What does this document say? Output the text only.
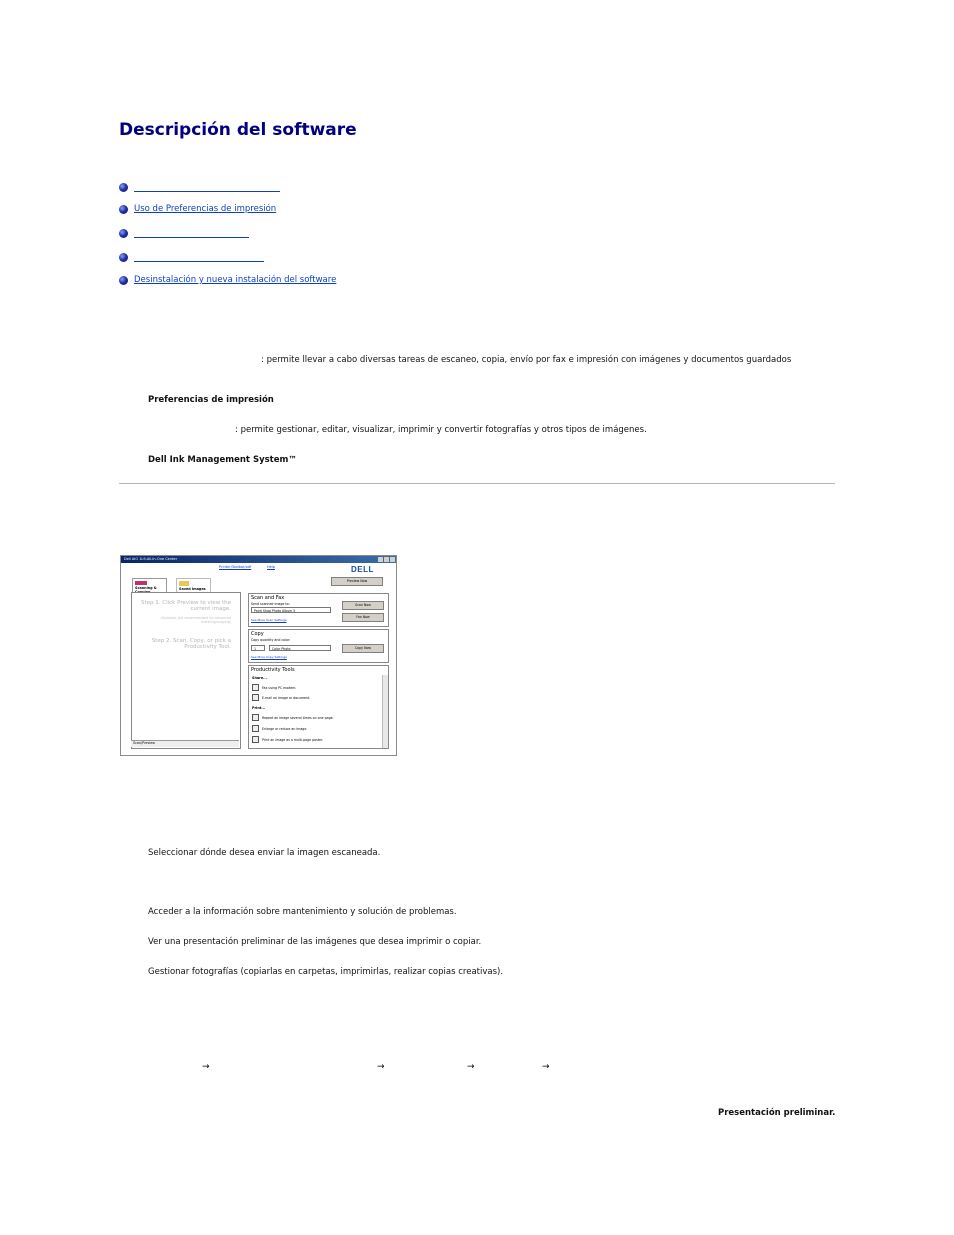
Descripción del software
Uso de Preferencias de impresión
Desinstalación y nueva instalación del software
: permite llevar a cabo diversas tareas de escaneo, copia, envío por fax e impresión con imágenes y documentos guardados
Preferencias de impresión
: permite gestionar, editar, visualizar, imprimir y convertir fotografías y otros tipos de imágenes.
Dell Ink Management System™
Dell AIO 1L9-All-In-One Center
Printer/Toolbar/odf	Help	DELL
Preview Now
Scanning &	Saved Images
Step 1. Click Preview to view the current image.
(Optional, but recommended for advanced scanning/copying)
Step 2. Scan, Copy, or pick a Productivity Tool.
Scan/Preview
Scan and Fax
Send scanned image to:
Paint Shop Photo Album 5
Scan Now
Fax Now
See More Scan Settings
Copy
Copy quantity and color:
1	Color Photo	Copy Now
See More Copy Settings
Productivity Tools
Share...
Fax using PC modem.
E-mail an image or document.
Print...
Repeat an image several times on one page.
Enlarge or reduce an image.
Print an image as a multi-page poster.
Seleccionar dónde desea enviar la imagen escaneada.
Acceder a la información sobre mantenimiento y solución de problemas.
Ver una presentación preliminar de las imágenes que desea imprimir o copiar.
Gestionar fotografías (copiarlas en carpetas, imprimirlas, realizar copias creativas).
→	→	→	→
Presentación preliminar.
